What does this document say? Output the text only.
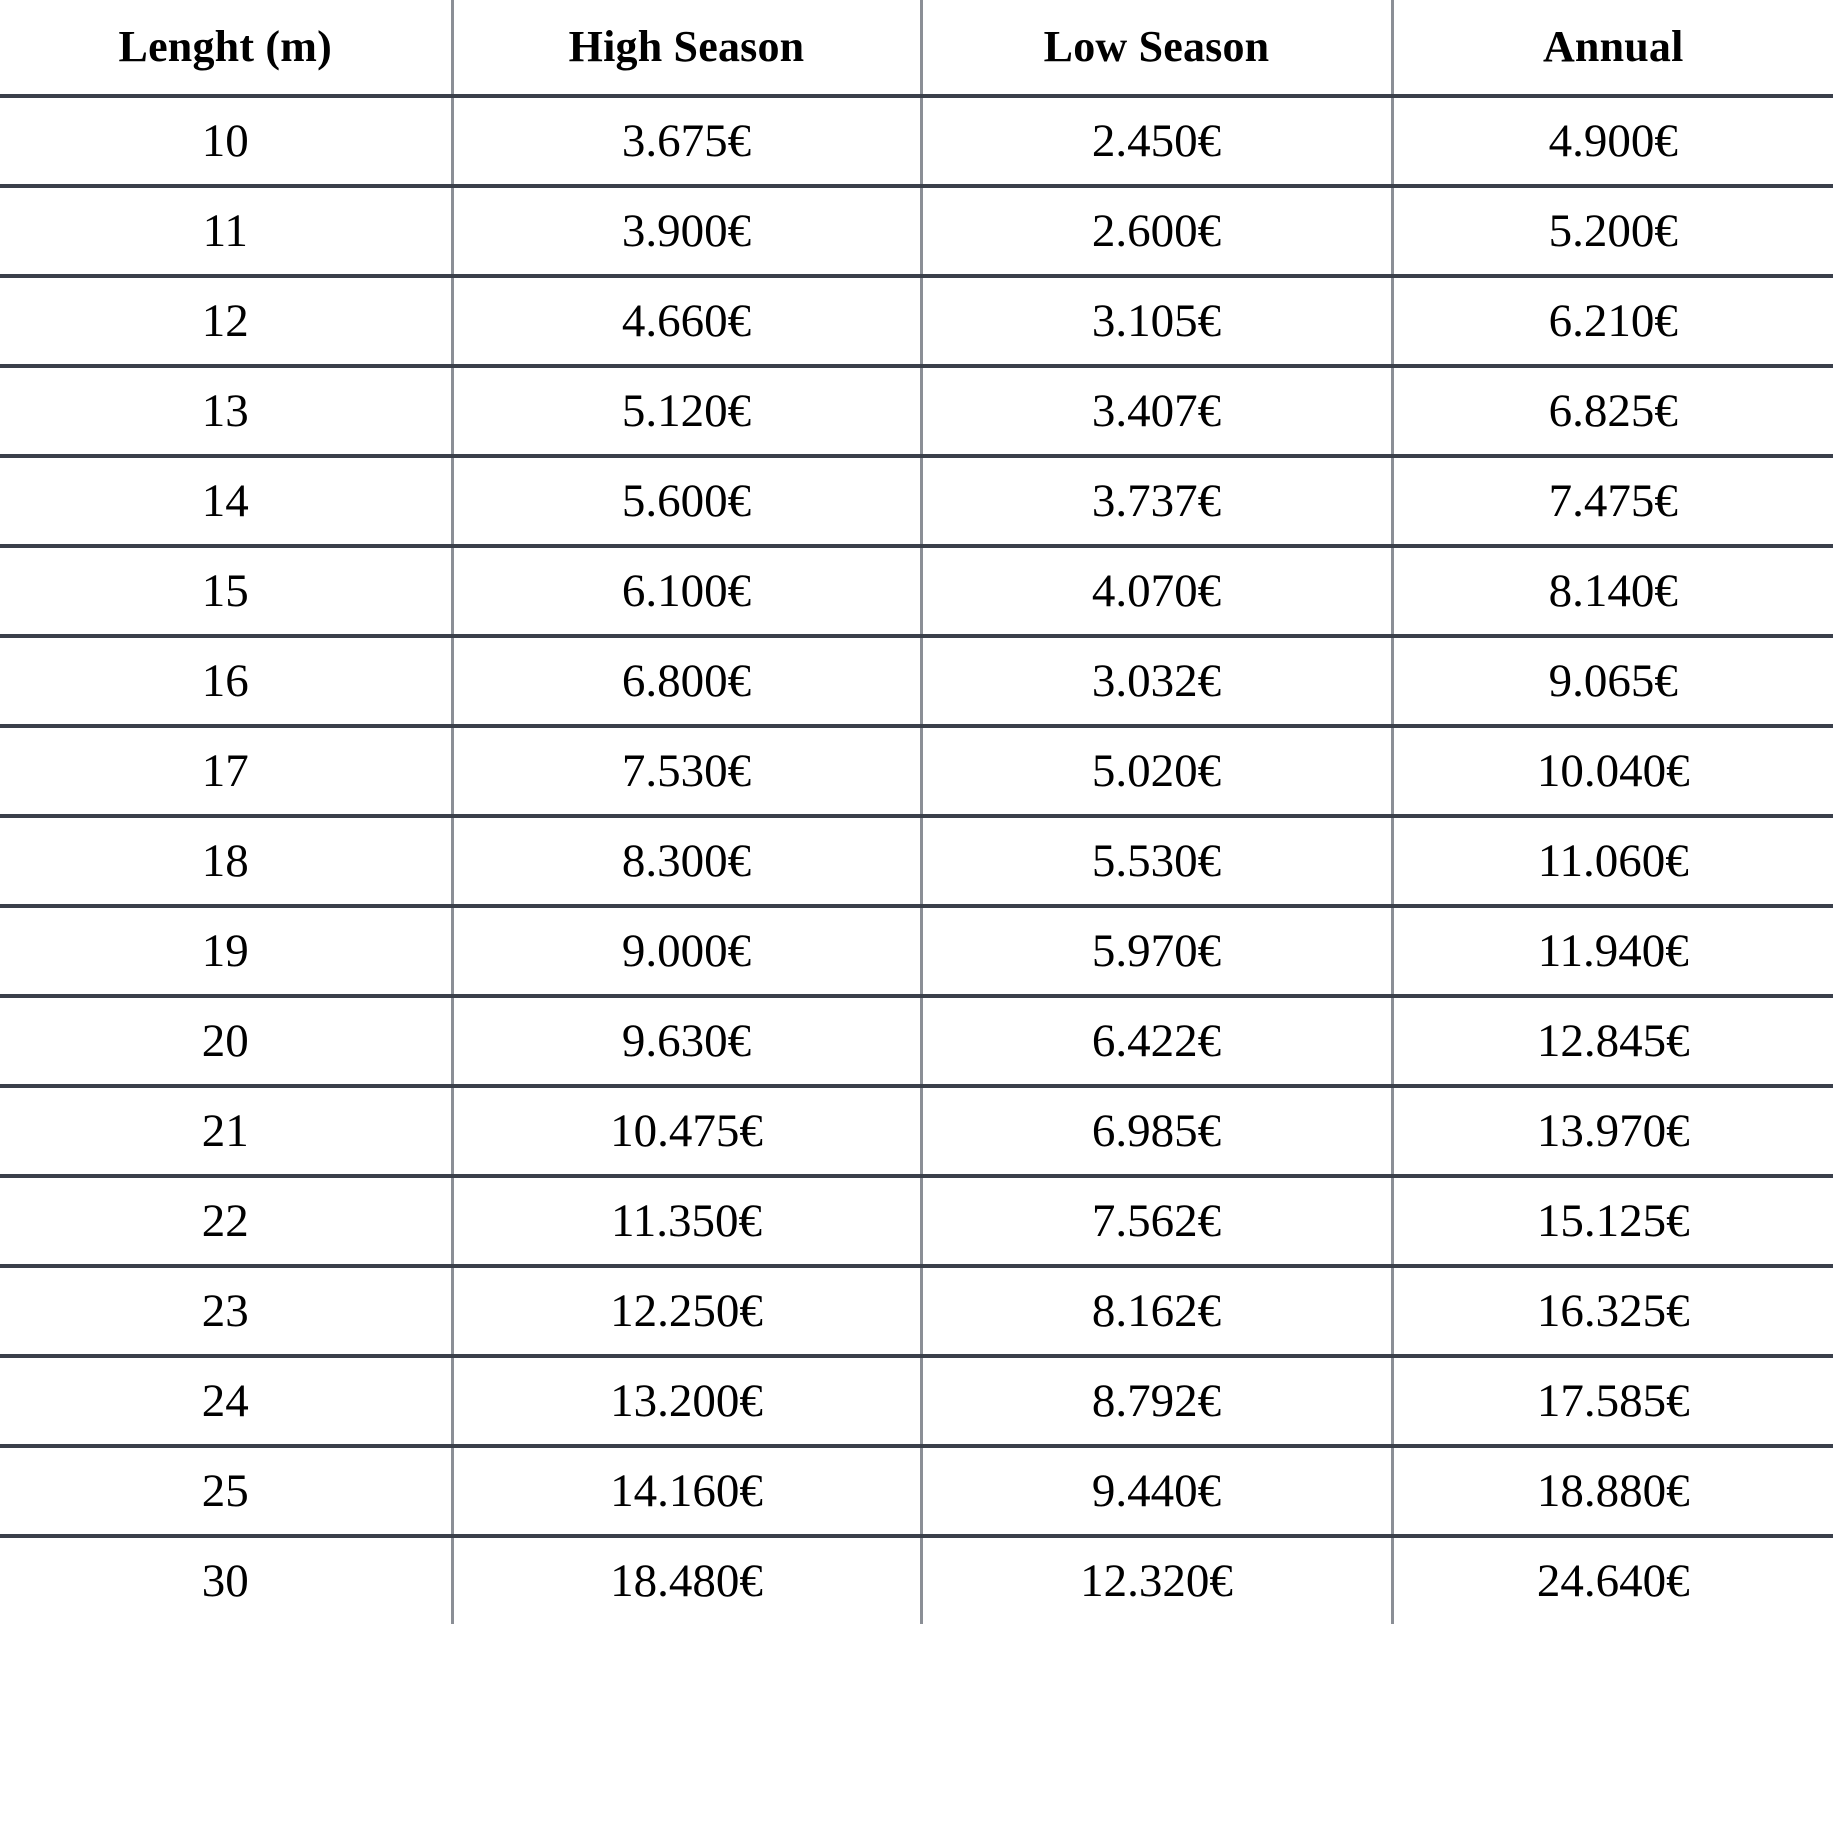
Lenght (m)	High Season	Low Season	Annual
10	3.675€	2.450€	4.900€
11	3.900€	2.600€	5.200€
12	4.660€	3.105€	6.210€
13	5.120€	3.407€	6.825€
14	5.600€	3.737€	7.475€
15	6.100€	4.070€	8.140€
16	6.800€	3.032€	9.065€
17	7.530€	5.020€	10.040€
18	8.300€	5.530€	11.060€
19	9.000€	5.970€	11.940€
20	9.630€	6.422€	12.845€
21	10.475€	6.985€	13.970€
22	11.350€	7.562€	15.125€
23	12.250€	8.162€	16.325€
24	13.200€	8.792€	17.585€
25	14.160€	9.440€	18.880€
30	18.480€	12.320€	24.640€
